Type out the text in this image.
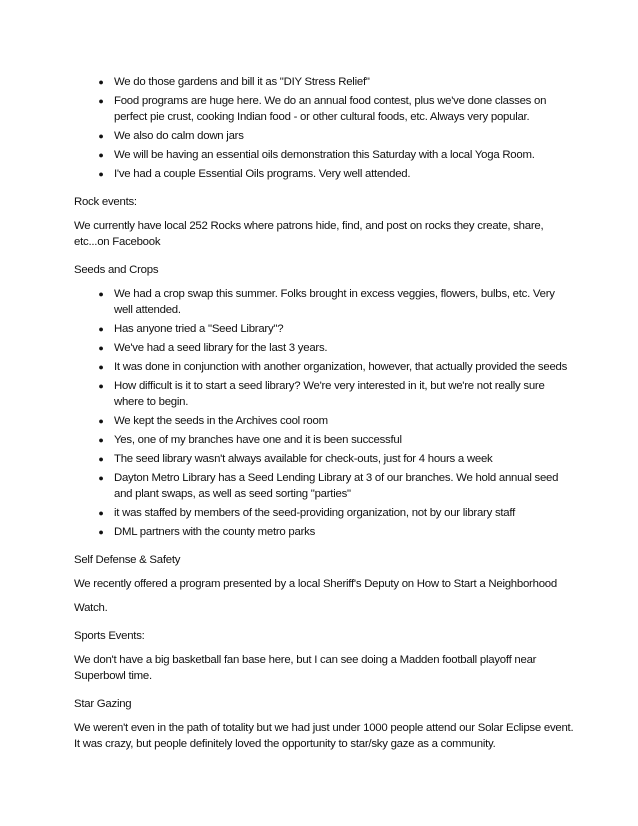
● We do those gardens and bill it as "DIY Stress Relief"
● Food programs are huge here. We do an annual food contest, plus we've done classes on perfect pie crust, cooking Indian food - or other cultural foods, etc. Always very popular.
● We also do calm down jars
● We will be having an essential oils demonstration this Saturday with a local Yoga Room.
● I've had a couple Essential Oils programs. Very well attended.

Rock events:

We currently have local 252 Rocks where patrons hide, find, and post on rocks they create, share, etc...on Facebook

Seeds and Crops

● We had a crop swap this summer. Folks brought in excess veggies, flowers, bulbs, etc. Very well attended.
● Has anyone tried a "Seed Library"?
● We've had a seed library for the last 3 years.
● It was done in conjunction with another organization, however, that actually provided the seeds
● How difficult is it to start a seed library? We're very interested in it, but we're not really sure where to begin.
● We kept the seeds in the Archives cool room
● Yes, one of my branches have one and it is been successful
● The seed library wasn't always available for check-outs, just for 4 hours a week
● Dayton Metro Library has a Seed Lending Library at 3 of our branches. We hold annual seed and plant swaps, as well as seed sorting "parties"
● it was staffed by members of the seed-providing organization, not by our library staff
● DML partners with the county metro parks

Self Defense & Safety

We recently offered a program presented by a local Sheriff's Deputy on How to Start a Neighborhood

Watch.

Sports Events:

We don't have a big basketball fan base here, but I can see doing a Madden football playoff near Superbowl time.

Star Gazing

We weren't even in the path of totality but we had just under 1000 people attend our Solar Eclipse event. It was crazy, but people definitely loved the opportunity to star/sky gaze as a community.
